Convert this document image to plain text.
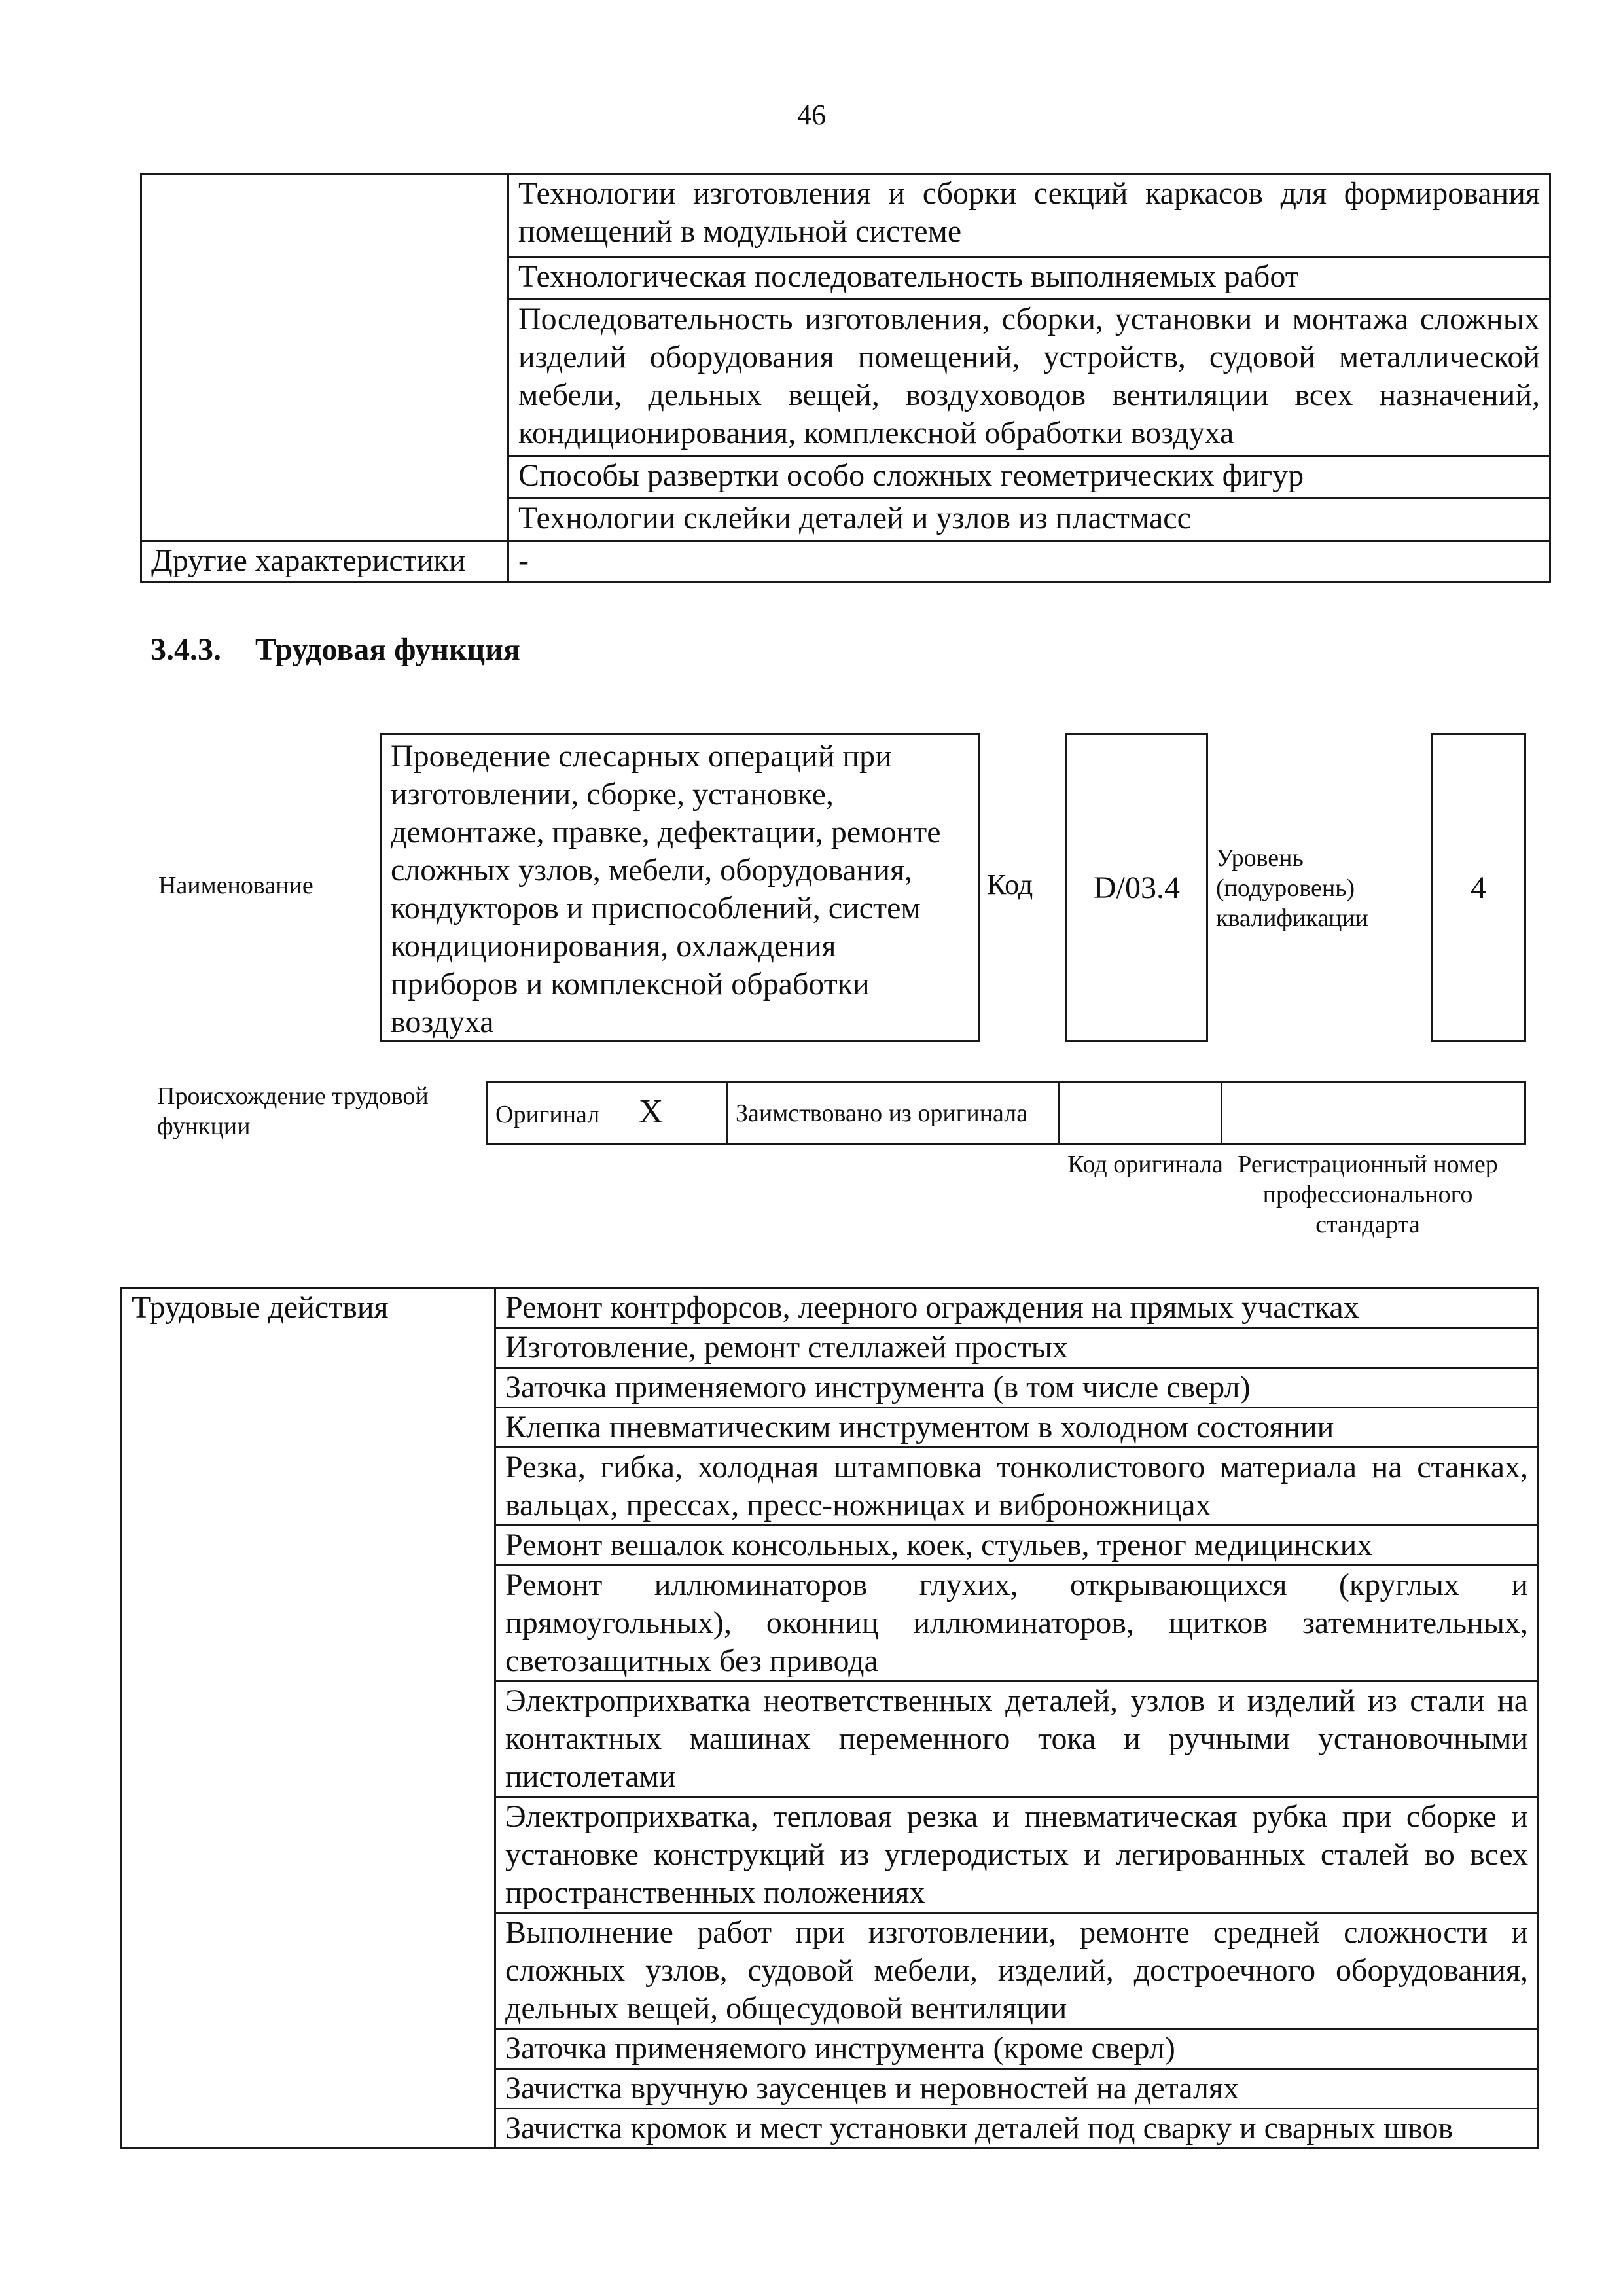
46
	Технологии изготовления и сборки секций каркасов для формирования помещений в модульной системе
	Технологическая последовательность выполняемых работ
	Последовательность изготовления, сборки, установки и монтажа сложных изделий оборудования помещений, устройств, судовой металлической мебели, дельных вещей, воздуховодов вентиляции всех назначений, кондиционирования, комплексной обработки воздуха
	Способы развертки особо сложных геометрических фигур
	Технологии склейки деталей и узлов из пластмасс
Другие характеристики	-
3.4.3. Трудовая функция
Наименование
Проведение слесарных операций при изготовлении, сборке, установке, демонтаже, правке, дефектации, ремонте сложных узлов, мебели, оборудования, кондукторов и приспособлений, систем кондиционирования, охлаждения приборов и комплексной обработки воздуха
Код D/03.4
Уровень (подуровень) квалификации
4
Происхождение трудовой функции	Оригинал X	Заимствовано из оригинала		
Код оригинала Регистрационный номер профессионального стандарта
Трудовые действия	Ремонт контрфорсов, леерного ограждения на прямых участках
Изготовление, ремонт стеллажей простых
Заточка применяемого инструмента (в том числе сверл)
Клепка пневматическим инструментом в холодном состоянии
Резка, гибка, холодная штамповка тонколистового материала на станках, вальцах, прессах, пресс-ножницах и виброножницах
Ремонт вешалок консольных, коек, стульев, треног медицинских
Ремонт иллюминаторов глухих, открывающихся (круглых и прямоугольных), оконниц иллюминаторов, щитков затемнительных, светозащитных без привода
Электроприхватка неответственных деталей, узлов и изделий из стали на контактных машинах переменного тока и ручными установочными пистолетами
Электроприхватка, тепловая резка и пневматическая рубка при сборке и установке конструкций из углеродистых и легированных сталей во всех пространственных положениях
Выполнение работ при изготовлении, ремонте средней сложности и сложных узлов, судовой мебели, изделий, достроечного оборудования, дельных вещей, общесудовой вентиляции
Заточка применяемого инструмента (кроме сверл)
Зачистка вручную заусенцев и неровностей на деталях
Зачистка кромок и мест установки деталей под сварку и сварных швов
